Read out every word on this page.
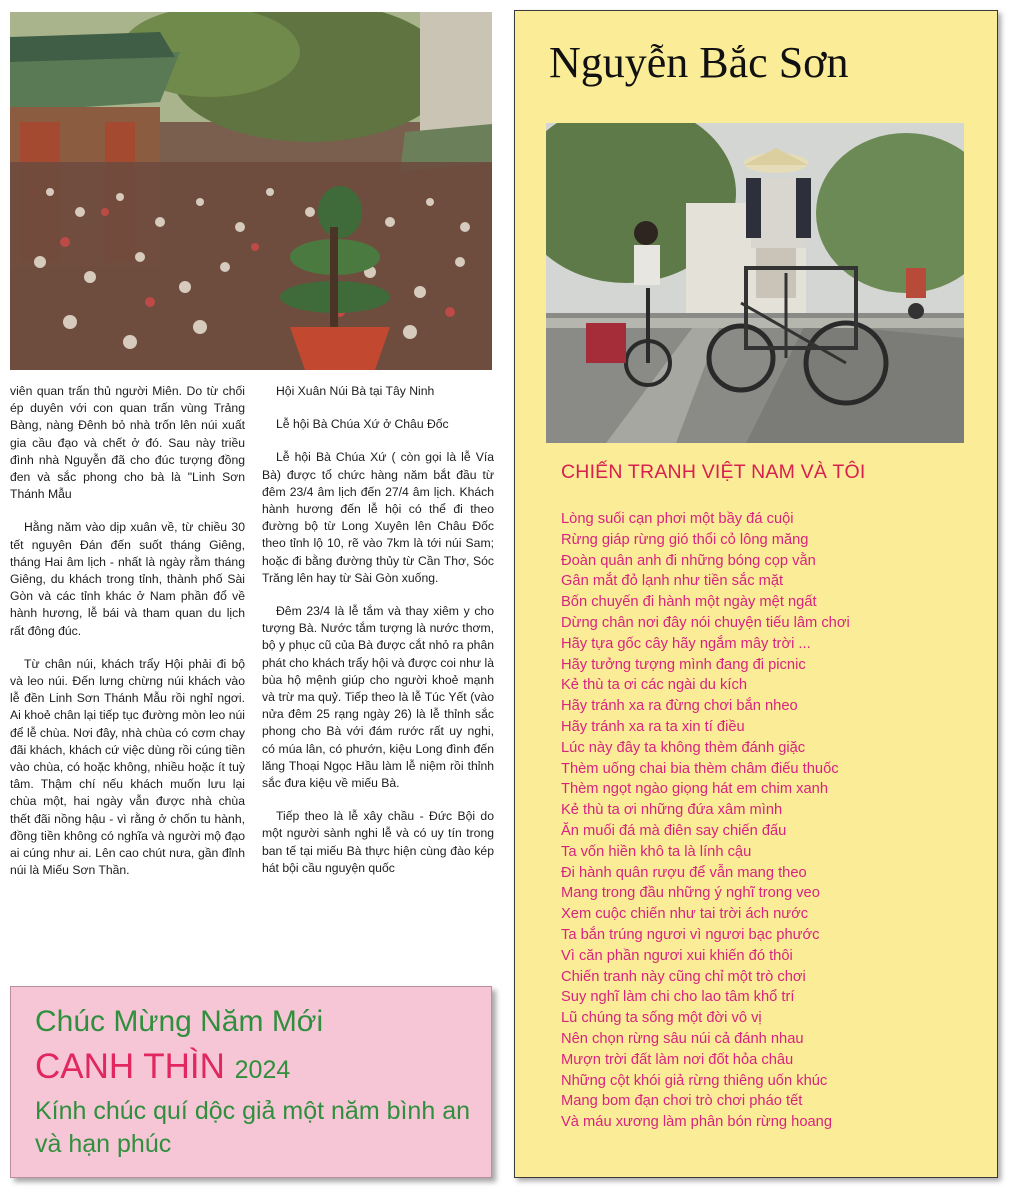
viên quan trấn thủ người Miên. Do từ chối ép duyên với con quan trấn vùng Trảng Bàng, nàng Đênh bỏ nhà trốn lên núi xuất gia cầu đạo và chết ở đó. Sau này triều đình nhà Nguyễn đã cho đúc tượng đồng đen và sắc phong cho bà là "Linh Sơn Thánh Mẫu

Hằng năm vào dịp xuân về, từ chiều 30 tết nguyên Đán đến suốt tháng Giêng, tháng Hai âm lịch - nhất là ngày rằm tháng Giêng, du khách trong tỉnh, thành phố Sài Gòn và các tỉnh khác ở Nam phần đổ về hành hương, lễ bái và tham quan du lịch rất đông đúc.

Từ chân núi, khách trẩy Hội phải đi bộ và leo núi. Đến lưng chừng núi khách vào lễ đền Linh Sơn Thánh Mẫu rồi nghỉ ngơi. Ai khoẻ chân lại tiếp tục đường mòn leo núi để lễ chùa. Nơi đây, nhà chùa có cơm chay đãi khách, khách cứ việc dùng rồi cúng tiền vào chùa, có hoặc không, nhiều hoặc ít tuỳ tâm. Thậm chí nếu khách muốn lưu lại chùa một, hai ngày vẫn được nhà chùa thết đãi nồng hậu - vì rằng ở chốn tu hành, đồng tiền không có nghĩa và người mộ đạo ai cúng như ai. Lên cao chút nưa, gần đỉnh núi là Miếu Sơn Thần.

Hội Xuân Núi Bà tại Tây Ninh

Lễ hội Bà Chúa Xứ ở Châu Đốc

Lễ hội Bà Chúa Xứ ( còn gọi là lễ Vía Bà) được tổ chức hàng năm bắt đầu từ đêm 23/4 âm lịch đến 27/4 âm lịch. Khách hành hương đến lễ hội có thể đi theo đường bộ từ Long Xuyên lên Châu Đốc theo tỉnh lộ 10, rẽ vào 7km là tới núi Sam; hoặc đi bằng đường thủy từ Cần Thơ, Sóc Trăng lên hay từ Sài Gòn xuống.

Đêm 23/4 là lễ tắm và thay xiêm y cho tượng Bà. Nước tắm tượng là nước thơm, bộ y phục cũ của Bà được cắt nhỏ ra phân phát cho khách trẩy hội và được coi như là bùa hộ mệnh giúp cho người khoẻ mạnh và trừ ma quỷ. Tiếp theo là lễ Túc Yết (vào nửa đêm 25 rạng ngày 26) là lễ thỉnh sắc phong cho Bà với đám rước rất uy nghi, có múa lân, có phướn, kiệu Long đình đến lăng Thoại Ngọc Hầu làm lễ niệm rồi thỉnh sắc đưa kiệu về miếu Bà.

Tiếp theo là lễ xây chầu - Đức Bội do một người sành nghi lễ và có uy tín trong ban tế tại miếu Bà thực hiện cùng đào kép hát bội cầu nguyện quốc

Chúc Mừng Năm Mới
CANH THÌN 2024
Kính chúc quí dộc giả một năm bình an và hạn phúc
Nguyễn Bắc Sơn
CHIẾN TRANH VIỆT NAM VÀ TÔI
Lòng suối cạn phơi một bầy đá cuội
Rừng giáp rừng gió thổi cỏ lông măng
Đoàn quân anh đi những bóng cọp vằn
Gân mắt đỏ lạnh như tiền sắc mặt
Bốn chuyến đi hành một ngày mệt ngất
Dừng chân nơi đây nói chuyện tiếu lâm chơi
Hãy tựa gốc cây hãy ngắm mây trời ...
Hãy tưởng tượng mình đang đi picnic
Kẻ thù ta ơi các ngài du kích
Hãy tránh xa ra đừng chơi bắn nheo
Hãy tránh xa ra ta xin tí điều
Lúc này đây ta không thèm đánh giặc
Thèm uống chai bia thèm châm điếu thuốc
Thèm ngọt ngào giọng hát em chim xanh
Kẻ thù ta ơi những đứa xâm mình
Ăn muối đá mà điên say chiến đấu
Ta vốn hiền khô ta là lính cậu
Đi hành quân rượu để vẫn mang theo
Mang trong đầu những ý nghĩ trong veo
Xem cuộc chiến như tai trời ách nước
Ta bắn trúng ngươi vì ngươi bạc phước
Vì căn phần ngươi xui khiến đó thôi
Chiến tranh này cũng chỉ một trò chơi
Suy nghĩ làm chi cho lao tâm khổ trí
Lũ chúng ta sống một đời vô vị
Nên chọn rừng sâu núi cả đánh nhau
Mượn trời đất làm nơi đốt hỏa châu
Những cột khói giả rừng thiêng uốn khúc
Mang bom đạn chơi trò chơi pháo tết
Và máu xương làm phân bón rừng hoang
